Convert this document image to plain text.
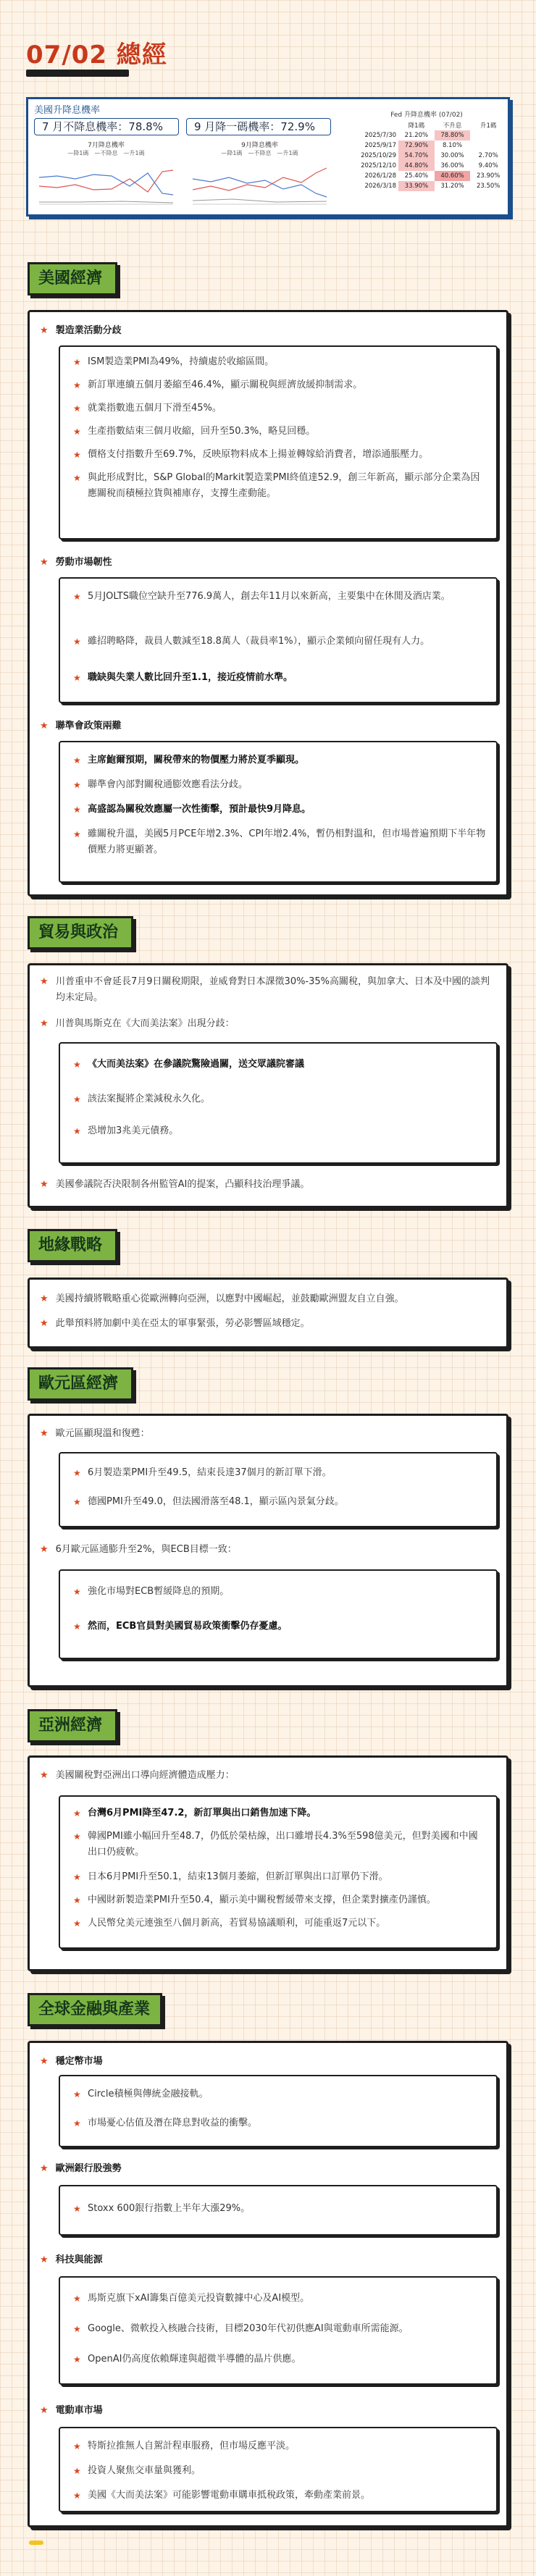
07/02 總經
美國升降息機率
7 月不降息機率：78.8%	9 月降一碼機率：72.9%
7月降息機率
—降1碼　—不降息　—升1碼
9月降息機率
—降1碼　—不降息　—升1碼
Fed 升降息機率 (07/02)
	降1碼	不升息	升1碼
2025/7/30	21.20%	78.80%	
2025/9/17	72.90%	8.10%	
2025/10/29	54.70%	30.00%	2.70%
2025/12/10	44.80%	36.00%	9.40%
2026/1/28	25.40%	40.60%	23.90%
2026/3/18	33.90%	31.20%	23.50%
美國經濟
★ 製造業活動分歧
★ ISM製造業PMI為49%，持續處於收縮區間。
★ 新訂單連續五個月萎縮至46.4%，顯示關稅與經濟放緩抑制需求。
★ 就業指數進五個月下滑至45%。
★ 生產指數結束三個月收縮，回升至50.3%，略見回穩。
★ 價格支付指數升至69.7%，反映原物料成本上揚並轉嫁給消費者，增添通脹壓力。
★ 與此形成對比，S&P Global的Markit製造業PMI終值達52.9，創三年新高，顯示部分企業為因應關稅而積極拉貨與補庫存，支撐生產動能。
★ 勞動市場韌性
★ 5月JOLTS職位空缺升至776.9萬人，創去年11月以來新高，主要集中在休閒及酒店業。
★ 雖招聘略降，裁員人數減至18.8萬人（裁員率1%），顯示企業傾向留任現有人力。
★ 職缺與失業人數比回升至1.1，接近疫情前水準。
★ 聯準會政策兩難
★ 主席鮑爾預期，關稅帶來的物價壓力將於夏季顯現。
★ 聯準會內部對關稅通膨效應看法分歧。
★ 高盛認為關稅效應屬一次性衝擊，預計最快9月降息。
★ 雖關稅升溫，美國5月PCE年增2.3%、CPI年增2.4%，暫仍相對溫和，但市場普遍預期下半年物價壓力將更顯著。
貿易與政治
★ 川普重申不會延長7月9日關稅期限，並威脅對日本課徵30%-35%高關稅，與加拿大、日本及中國的談判均未定局。
★ 川普與馬斯克在《大而美法案》出現分歧：
★ 《大而美法案》在參議院驚險過關，送交眾議院審議
★ 該法案擬將企業減稅永久化。
★ 恐增加3兆美元債務。
★ 美國參議院否決限制各州監管AI的提案，凸顯科技治理爭議。
地緣戰略
★ 美國持續將戰略重心從歐洲轉向亞洲，以應對中國崛起，並鼓勵歐洲盟友自立自強。
★ 此舉預料將加劇中美在亞太的軍事緊張，勞必影響區域穩定。
歐元區經濟
★ 歐元區顯現溫和復甦：
★ 6月製造業PMI升至49.5，結束長達37個月的新訂單下滑。
★ 德國PMI升至49.0，但法國滑落至48.1，顯示區內景氣分歧。
★ 6月歐元區通膨升至2%，與ECB目標一致：
★ 強化市場對ECB暫緩降息的預期。
★ 然而，ECB官員對美國貿易政策衝擊仍存憂慮。
亞洲經濟
★ 美國關稅對亞洲出口導向經濟體造成壓力：
★ 台灣6月PMI降至47.2，新訂單與出口銷售加速下降。
★ 韓國PMI雖小幅回升至48.7，仍低於榮枯線，出口雖增長4.3%至598億美元，但對美國和中國出口仍疲軟。
★ 日本6月PMI升至50.1，結束13個月萎縮，但新訂單與出口訂單仍下滑。
★ 中國財新製造業PMI升至50.4，顯示美中關稅暫緩帶來支撐，但企業對擴產仍謹慎。
★ 人民幣兌美元連強至八個月新高，若貿易協議順利，可能重返7元以下。
全球金融與產業
★ 穩定幣市場
★ Circle積極與傳統金融接軌。
★ 市場憂心估值及潛在降息對收益的衝擊。
★ 歐洲銀行股強勢
★ Stoxx 600銀行指數上半年大漲29%。
★ 科技與能源
★ 馬斯克旗下xAI籌集百億美元投資數據中心及AI模型。
★ Google、微軟投入核融合技術，目標2030年代初供應AI與電動車所需能源。
★ OpenAI仍高度依賴輝達與超微半導體的晶片供應。
★ 電動車市場
★ 特斯拉推無人自駕計程車服務，但市場反應平淡。
★ 投資人聚焦交車量與獲利。
★ 美國《大而美法案》可能影響電動車購車抵稅政策，牽動產業前景。
